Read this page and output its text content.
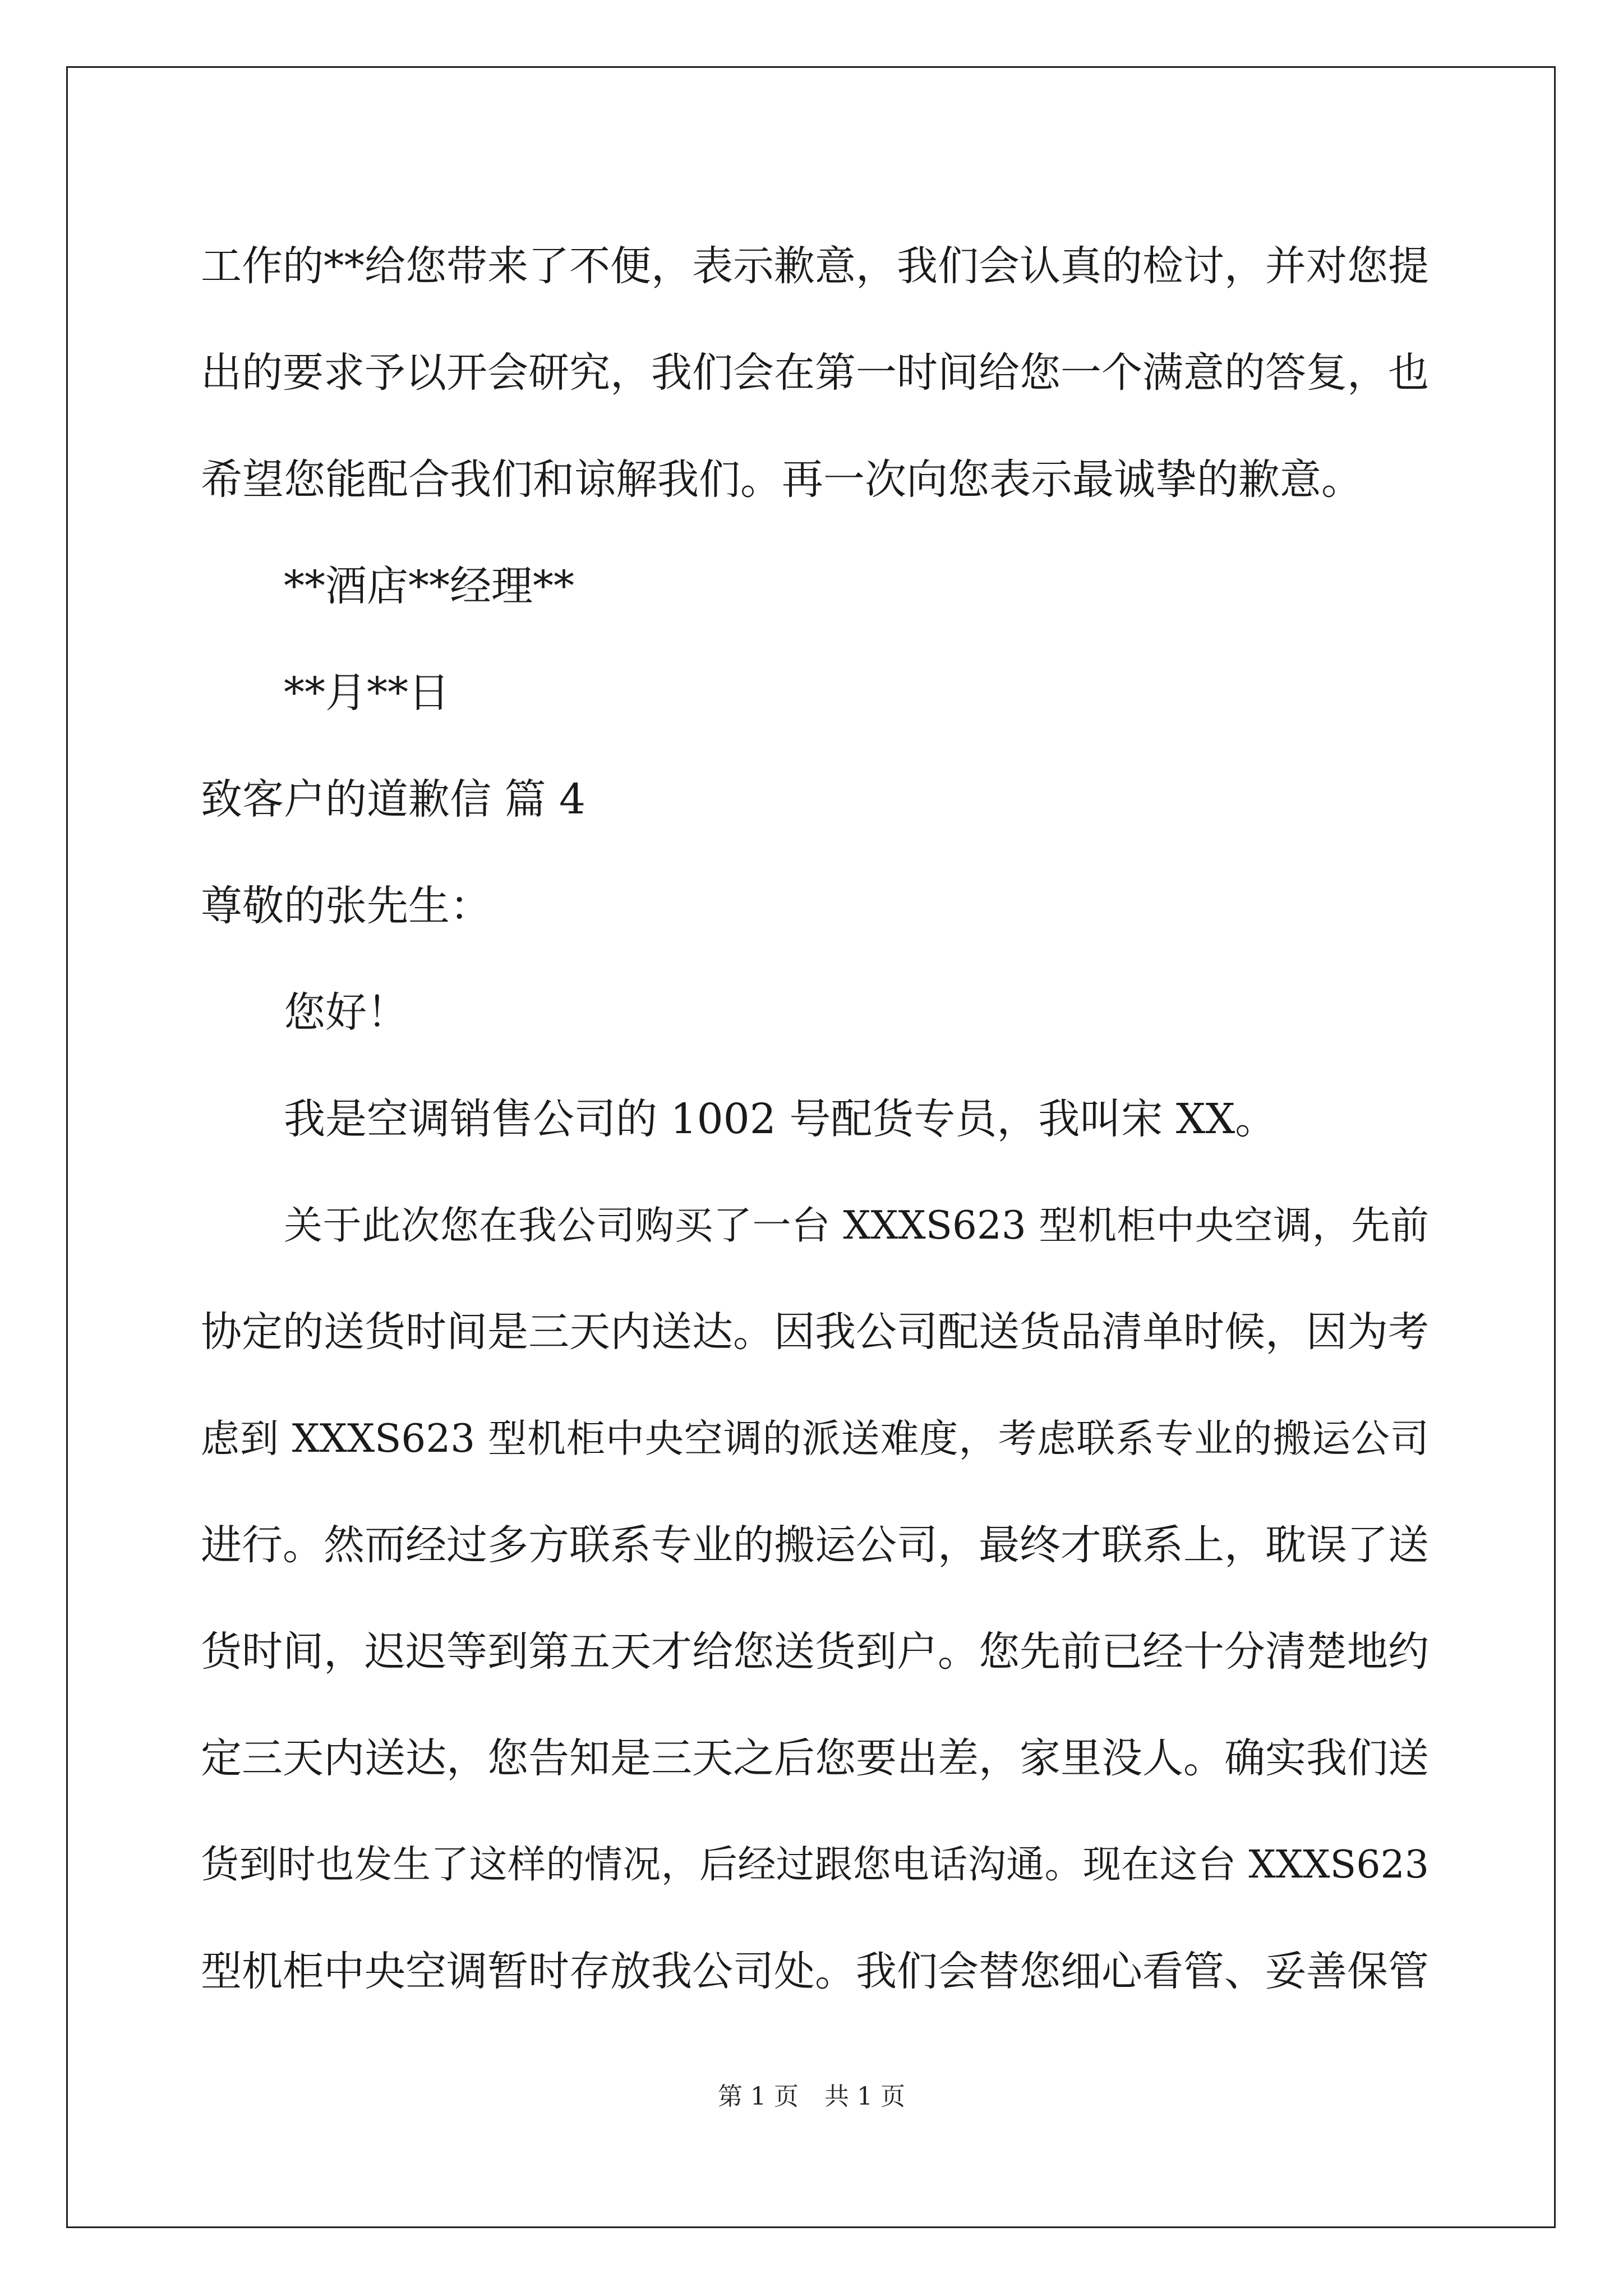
工作的**给您带来了不便，表示歉意，我们会认真的检讨，并对您提
出的要求予以开会研究，我们会在第一时间给您一个满意的答复，也
希望您能配合我们和谅解我们。再一次向您表示最诚挚的歉意。
**酒店**经理**
**月**日
致客户的道歉信 篇 4
尊敬的张先生：
您好！
我是空调销售公司的 1002 号配货专员，我叫宋 XX。
关于此次您在我公司购买了一台 XXXS623 型机柜中央空调，先前
协定的送货时间是三天内送达。因我公司配送货品清单时候，因为考
虑到 XXXS623 型机柜中央空调的派送难度，考虑联系专业的搬运公司
进行。然而经过多方联系专业的搬运公司，最终才联系上，耽误了送
货时间，迟迟等到第五天才给您送货到户。您先前已经十分清楚地约
定三天内送达，您告知是三天之后您要出差，家里没人。确实我们送
货到时也发生了这样的情况，后经过跟您电话沟通。现在这台 XXXS623
型机柜中央空调暂时存放我公司处。我们会替您细心看管、妥善保管
第 1 页 共 1 页
